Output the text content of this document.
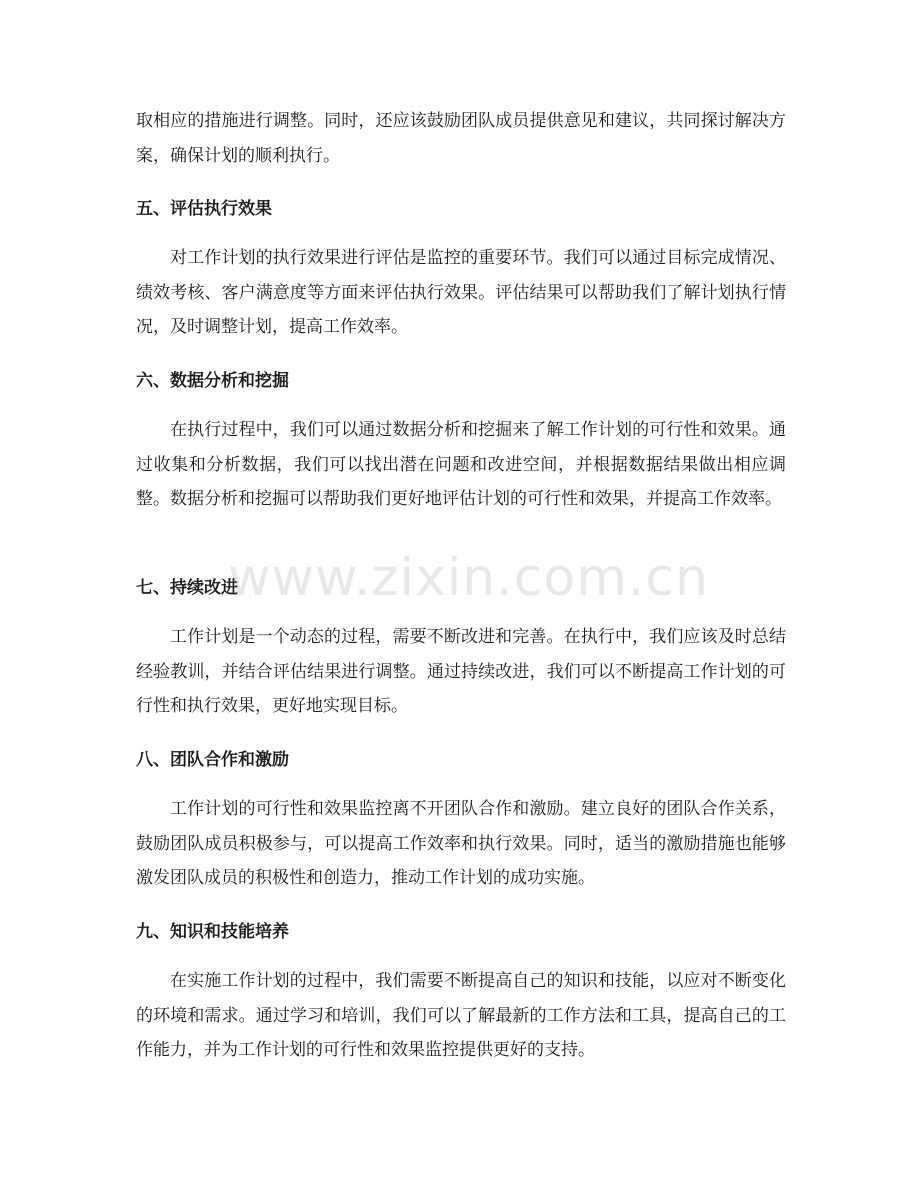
取相应的措施进行调整。同时，还应该鼓励团队成员提供意见和建议，共同探讨解决方案，确保计划的顺利执行。

五、评估执行效果

对工作计划的执行效果进行评估是监控的重要环节。我们可以通过目标完成情况、绩效考核、客户满意度等方面来评估执行效果。评估结果可以帮助我们了解计划执行情况，及时调整计划，提高工作效率。

六、数据分析和挖掘

在执行过程中，我们可以通过数据分析和挖掘来了解工作计划的可行性和效果。通过收集和分析数据，我们可以找出潜在问题和改进空间，并根据数据结果做出相应调整。数据分析和挖掘可以帮助我们更好地评估计划的可行性和效果，并提高工作效率。

七、持续改进

工作计划是一个动态的过程，需要不断改进和完善。在执行中，我们应该及时总结经验教训，并结合评估结果进行调整。通过持续改进，我们可以不断提高工作计划的可行性和执行效果，更好地实现目标。

八、团队合作和激励

工作计划的可行性和效果监控离不开团队合作和激励。建立良好的团队合作关系，鼓励团队成员积极参与，可以提高工作效率和执行效果。同时，适当的激励措施也能够激发团队成员的积极性和创造力，推动工作计划的成功实施。

九、知识和技能培养

在实施工作计划的过程中，我们需要不断提高自己的知识和技能，以应对不断变化的环境和需求。通过学习和培训，我们可以了解最新的工作方法和工具，提高自己的工作能力，并为工作计划的可行性和效果监控提供更好的支持。

www.zixin.com.cn
